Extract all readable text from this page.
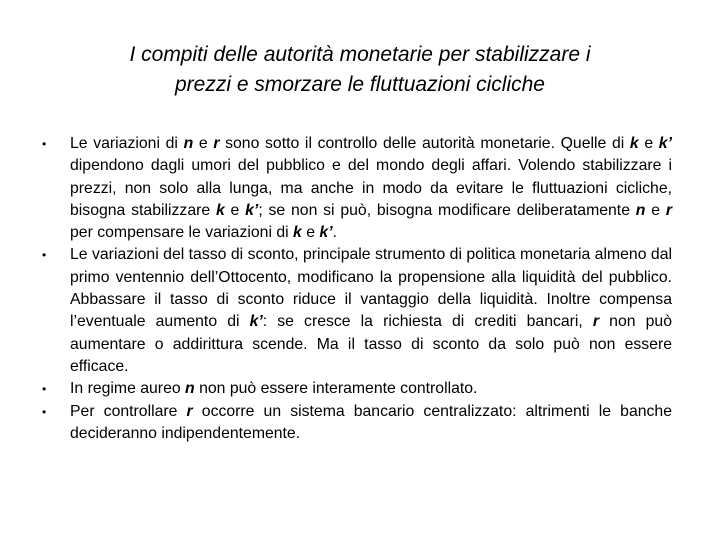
I compiti delle autorità monetarie per stabilizzare i
prezzi e smorzare le fluttuazioni cicliche
• Le variazioni di n e r sono sotto il controllo delle autorità monetarie. Quelle di k e k’ dipendono dagli umori del pubblico e del mondo degli affari. Volendo stabilizzare i prezzi, non solo alla lunga, ma anche in modo da evitare le fluttuazioni cicliche, bisogna stabilizzare k e k’; se non si può, bisogna modificare deliberatamente n e r per compensare le variazioni di k e k’.
• Le variazioni del tasso di sconto, principale strumento di politica monetaria almeno dal primo ventennio dell’Ottocento, modificano la propensione alla liquidità del pubblico. Abbassare il tasso di sconto riduce il vantaggio della liquidità. Inoltre compensa l’eventuale aumento di k’: se cresce la richiesta di crediti bancari, r non può aumentare o addirittura scende. Ma il tasso di sconto da solo può non essere efficace.
• In regime aureo n non può essere interamente controllato.
• Per controllare r occorre un sistema bancario centralizzato: altrimenti le banche decideranno indipendentemente.
